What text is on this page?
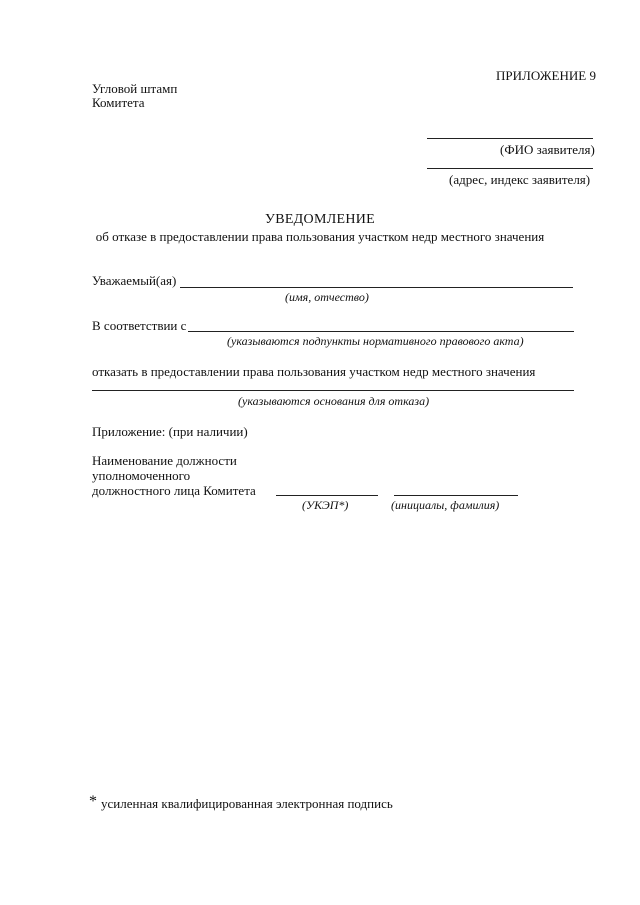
ПРИЛОЖЕНИЕ 9
Угловой штамп
Комитета
(ФИО заявителя)
(адрес, индекс заявителя)
УВЕДОМЛЕНИЕ
об отказе в предоставлении права пользования участком недр местного значения
Уважаемый(ая)
(имя, отчество)
В соответствии с
(указываются подпункты нормативного правового акта)
отказать в предоставлении права пользования участком недр местного значения
(указываются основания для отказа)
Приложение: (при наличии)
Наименование должности
уполномоченного
должностного лица Комитета
(УКЭП*)	(инициалы, фамилия)
* усиленная квалифицированная электронная подпись
